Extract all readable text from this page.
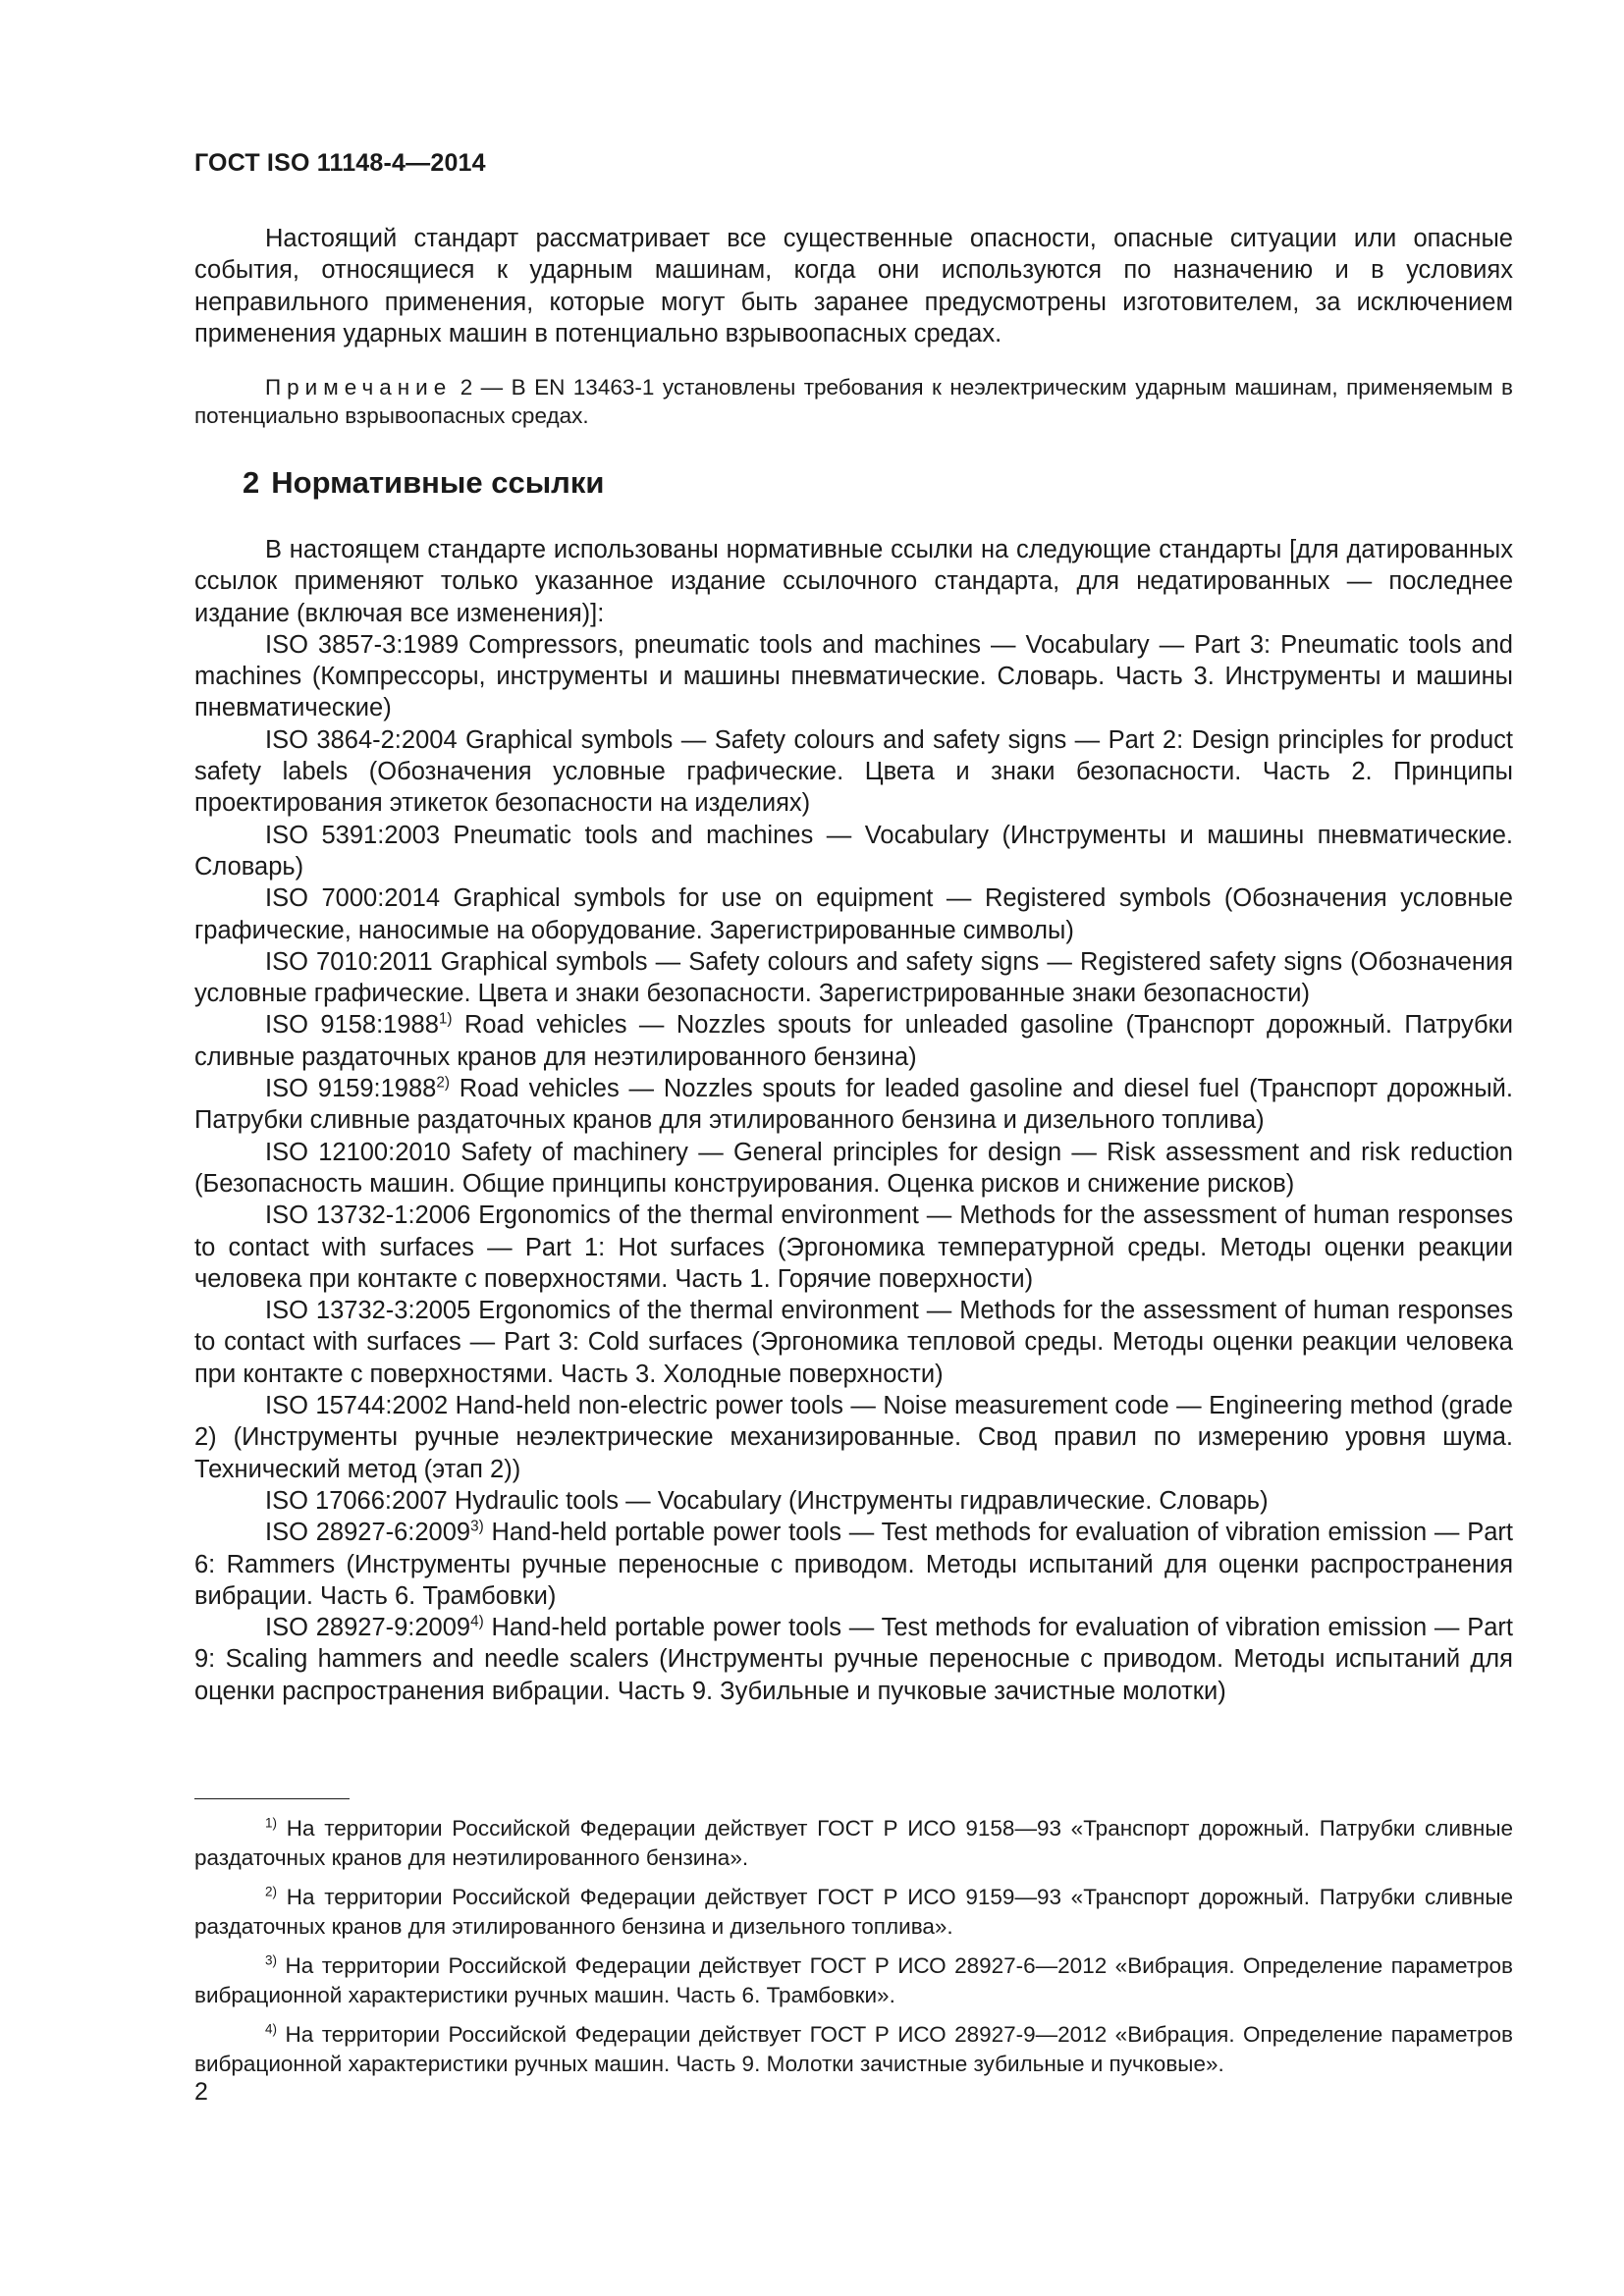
ГОСТ ISO 11148-4—2014

Настоящий стандарт рассматривает все существенные опасности, опасные ситуации или опасные события, относящиеся к ударным машинам, когда они используются по назначению и в условиях неправильного применения, которые могут быть заранее предусмотрены изготовителем, за исключением применения ударных машин в потенциально взрывоопасных средах.

Примечание 2 — В EN 13463-1 установлены требования к неэлектрическим ударным машинам, применяемым в потенциально взрывоопасных средах.

2 Нормативные ссылки

В настоящем стандарте использованы нормативные ссылки на следующие стандарты [для датированных ссылок применяют только указанное издание ссылочного стандарта, для недатированных — последнее издание (включая все изменения)]:

ISO 3857-3:1989 Compressors, pneumatic tools and machines — Vocabulary — Part 3: Pneumatic tools and machines (Компрессоры, инструменты и машины пневматические. Словарь. Часть 3. Инструменты и машины пневматические)

ISO 3864-2:2004 Graphical symbols — Safety colours and safety signs — Part 2: Design principles for product safety labels (Обозначения условные графические. Цвета и знаки безопасности. Часть 2. Принципы проектирования этикеток безопасности на изделиях)

ISO 5391:2003 Pneumatic tools and machines — Vocabulary (Инструменты и машины пневматические. Словарь)

ISO 7000:2014 Graphical symbols for use on equipment — Registered symbols (Обозначения условные графические, наносимые на оборудование. Зарегистрированные символы)

ISO 7010:2011 Graphical symbols — Safety colours and safety signs — Registered safety signs (Обозначения условные графические. Цвета и знаки безопасности. Зарегистрированные знаки безопасности)

ISO 9158:1988$^{1)}$ Road vehicles — Nozzles spouts for unleaded gasoline (Транспорт дорожный. Патрубки сливные раздаточных кранов для неэтилированного бензина)

ISO 9159:1988$^{2)}$ Road vehicles — Nozzles spouts for leaded gasoline and diesel fuel (Транспорт дорожный. Патрубки сливные раздаточных кранов для этилированного бензина и дизельного топлива)

ISO 12100:2010 Safety of machinery — General principles for design — Risk assessment and risk reduction (Безопасность машин. Общие принципы конструирования. Оценка рисков и снижение рисков)

ISO 13732-1:2006 Ergonomics of the thermal environment — Methods for the assessment of human responses to contact with surfaces — Part 1: Hot surfaces (Эргономика температурной среды. Методы оценки реакции человека при контакте с поверхностями. Часть 1. Горячие поверхности)

ISO 13732-3:2005 Ergonomics of the thermal environment — Methods for the assessment of human responses to contact with surfaces — Part 3: Cold surfaces (Эргономика тепловой среды. Методы оценки реакции человека при контакте с поверхностями. Часть 3. Холодные поверхности)

ISO 15744:2002 Hand-held non-electric power tools — Noise measurement code — Engineering method (grade 2) (Инструменты ручные неэлектрические механизированные. Свод правил по измерению уровня шума. Технический метод (этап 2))

ISO 17066:2007 Hydraulic tools — Vocabulary (Инструменты гидравлические. Словарь)

ISO 28927-6:2009$^{3)}$ Hand-held portable power tools — Test methods for evaluation of vibration emission — Part 6: Rammers (Инструменты ручные переносные с приводом. Методы испытаний для оценки распространения вибрации. Часть 6. Трамбовки)

ISO 28927-9:2009$^{4)}$ Hand-held portable power tools — Test methods for evaluation of vibration emission — Part 9: Scaling hammers and needle scalers (Инструменты ручные переносные с приводом. Методы испытаний для оценки распространения вибрации. Часть 9. Зубильные и пучковые зачистные молотки)

$^{1)}$ На территории Российской Федерации действует ГОСТ Р ИСО 9158—93 «Транспорт дорожный. Патрубки сливные раздаточных кранов для неэтилированного бензина».

$^{2)}$ На территории Российской Федерации действует ГОСТ Р ИСО 9159—93 «Транспорт дорожный. Патрубки сливные раздаточных кранов для этилированного бензина и дизельного топлива».

$^{3)}$ На территории Российской Федерации действует ГОСТ Р ИСО 28927-6—2012 «Вибрация. Определение параметров вибрационной характеристики ручных машин. Часть 6. Трамбовки».

$^{4)}$ На территории Российской Федерации действует ГОСТ Р ИСО 28927-9—2012 «Вибрация. Определение параметров вибрационной характеристики ручных машин. Часть 9. Молотки зачистные зубильные и пучковые».

2
